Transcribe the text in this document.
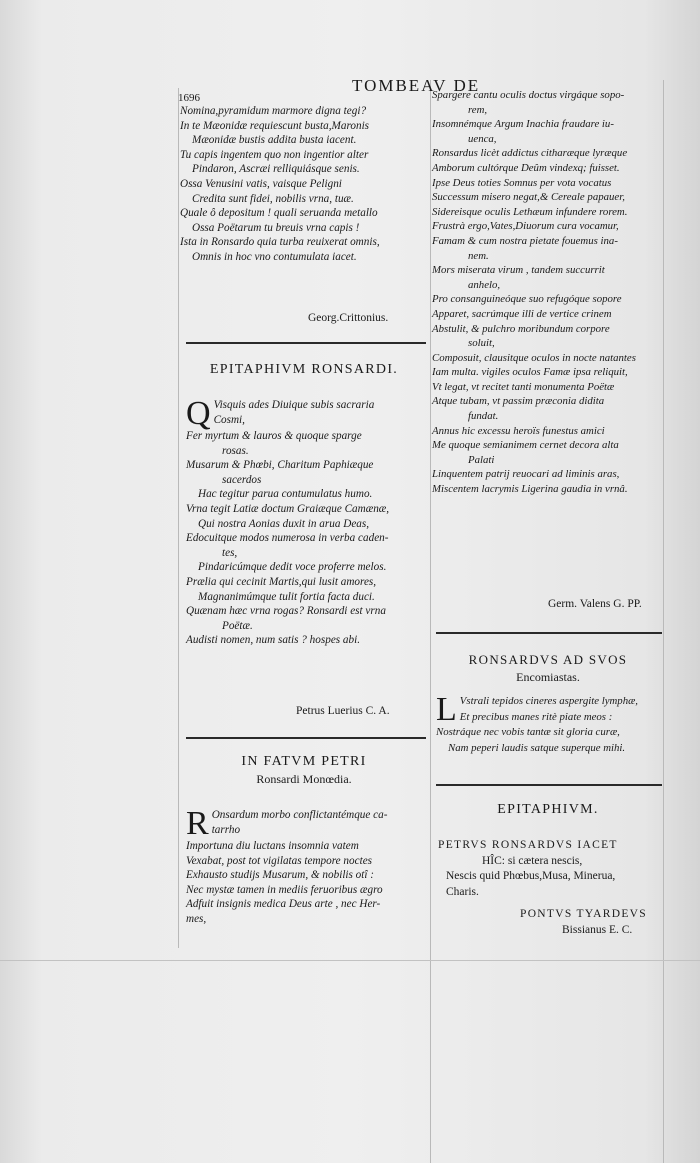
1696
TOMBEAV DE
Nomina,pyramidum marmore digna tegi?
In te Mæonidæ requiescunt busta,Maronis
Mæonidæ bustis addita busta iacent.
Tu capis ingentem quo non ingentior alter
Pindaron, Ascræi relliquiásque senis.
Ossa Venusini vatis, vaisque Peligni
Credita sunt fidei, nobilis vrna, tuæ.
Quale ô depositum ! quali seruanda metallo
Ossa Poëtarum tu breuis vrna capis !
Ista in Ronsardo quia turba reuixerat omnis,
Omnis in hoc vno contumulata iacet.
Georg.Crittonius.
EPITAPHIVM RONSARDI.
Q Visquis ades Diuique subis sacraria
Cosmi,
Fer myrtum & lauros & quoque sparge
rosas.
Musarum & Phœbi, Charitum Paphiæque
sacerdos
Hac tegitur parua contumulatus humo.
Vrna tegit Latiæ doctum Graiæque Camænæ,
Qui nostra Aonias duxit in arua Deas,
Edocuitque modos numerosa in verba caden-
tes,
Pindaricúmque dedit voce proferre melos.
Prælia qui cecinit Martis,qui lusit amores,
Magnanimúmque tulit fortia facta duci.
Quænam hæc vrna rogas? Ronsardi est vrna
Poëtæ.
Audisti nomen, num satis ? hospes abi.
Petrus Luerius C. A.
IN FATVM PETRI
Ronsardi Monœdia.
R Onsardum morbo conflictantémque ca-
tarrho
Importuna diu luctans insomnia vatem
Vexabat, post tot vigilatas tempore noctes
Exhausto studijs Musarum, & nobilis otî :
Nec mystæ tamen in mediis feruoribus ægro
Adfuit insignis medica Deus arte , nec Her-
mes,
Spargere cantu oculis doctus virgáque sopo-
rem,
Insomnémque Argum Inachia fraudare iu-
uenca,
Ronsardus licèt addictus citharæque lyræque
Amborum cultórque Deûm vindexq; fuisset.
Ipse Deus toties Somnus per vota vocatus
Successum misero negat,& Cereale papauer,
Sidereisque oculis Lethæum infundere rorem.
Frustrà ergo,Vates,Diuorum cura vocamur,
Famam & cum nostra pietate fouemus ina-
nem.
Mors miserata virum , tandem succurrit
anhelo,
Pro consanguineóque suo refugóque sopore
Apparet, sacrúmque illi de vertice crinem
Abstulit, & pulchro moribundum corpore
soluit,
Composuit, clausitque oculos in nocte natantes
Iam multa. vigiles oculos Famæ ipsa reliquit,
Vt legat, vt recitet tanti monumenta Poëtæ
Atque tubam, vt passim præconia didita
fundat.
Annus hic excessu heroïs funestus amici
Me quoque semianimem cernet decora alta
Palati
Linquentem patrij reuocari ad liminis aras,
Miscentem lacrymis Ligerina gaudia in vrnâ.
Germ. Valens G. PP.
RONSARDVS AD SVOS
Encomiastas.
L Vstrali tepidos cineres aspergite lymphæ,
Et precibus manes ritè piate meos :
Nostráque nec vobis tantæ sit gloria curæ,
Nam peperi laudis satque superque mihi.
EPITAPHIVM.
PETRVS RONSARDVS IACET
HÎC: si cætera nescis,
Nescis quid Phœbus,Musa, Minerua,
Charis.
PONTVS TYARDEVS
Bissianus E. C.
